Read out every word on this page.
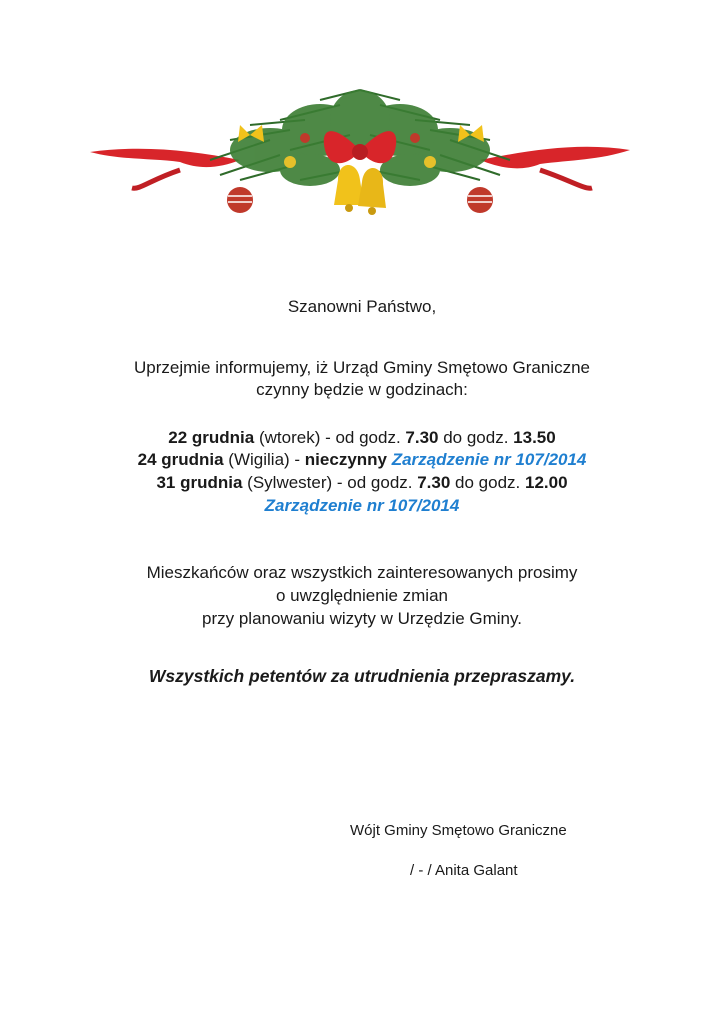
Szanowni Państwo,
Uprzejmie informujemy, iż Urząd Gminy Smętowo Graniczne
czynny będzie w godzinach:
22 grudnia (wtorek) - od godz. 7.30 do godz. 13.50
24 grudnia (Wigilia) - nieczynny Zarządzenie nr 107/2014
31 grudnia (Sylwester) - od godz. 7.30 do godz. 12.00
Zarządzenie nr 107/2014
Mieszkańców oraz wszystkich zainteresowanych prosimy
o uwzględnienie zmian
przy planowaniu wizyty w Urzędzie Gminy.
Wszystkich petentów za utrudnienia przepraszamy.
Wójt Gminy Smętowo Graniczne
/ - / Anita Galant
